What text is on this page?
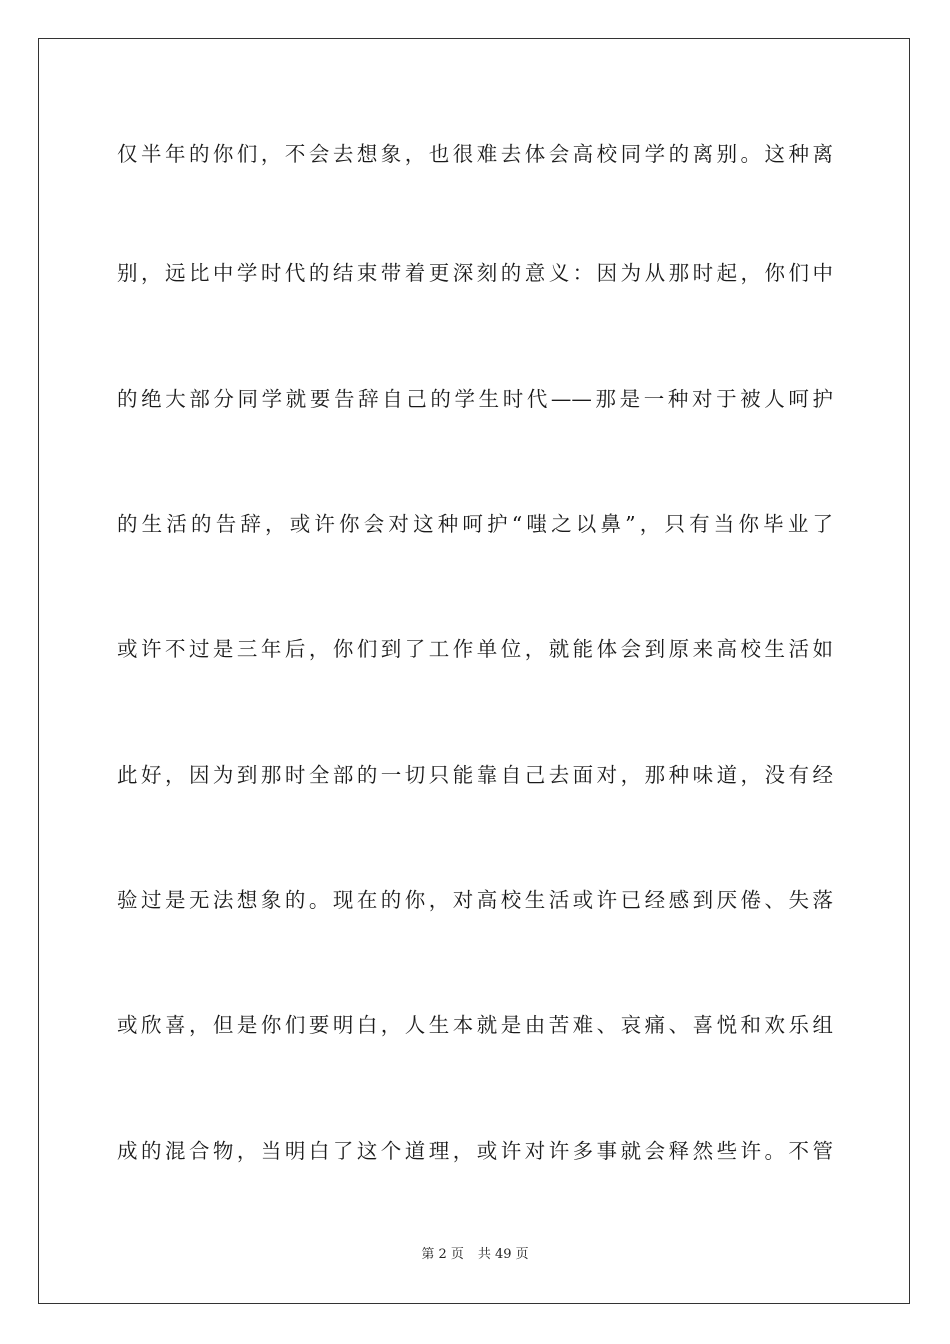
仅半年的你们，不会去想象，也很难去体会高校同学的离别。这种离
别，远比中学时代的结束带着更深刻的意义：因为从那时起，你们中
的绝大部分同学就要告辞自己的学生时代——那是一种对于被人呵护
的生活的告辞，或许你会对这种呵护“嗤之以鼻”，只有当你毕业了
或许不过是三年后，你们到了工作单位，就能体会到原来高校生活如
此好，因为到那时全部的一切只能靠自己去面对，那种味道，没有经
验过是无法想象的。现在的你，对高校生活或许已经感到厌倦、失落
或欣喜，但是你们要明白，人生本就是由苦难、哀痛、喜悦和欢乐组
成的混合物，当明白了这个道理，或许对许多事就会释然些许。不管
第 2 页 共 49 页
